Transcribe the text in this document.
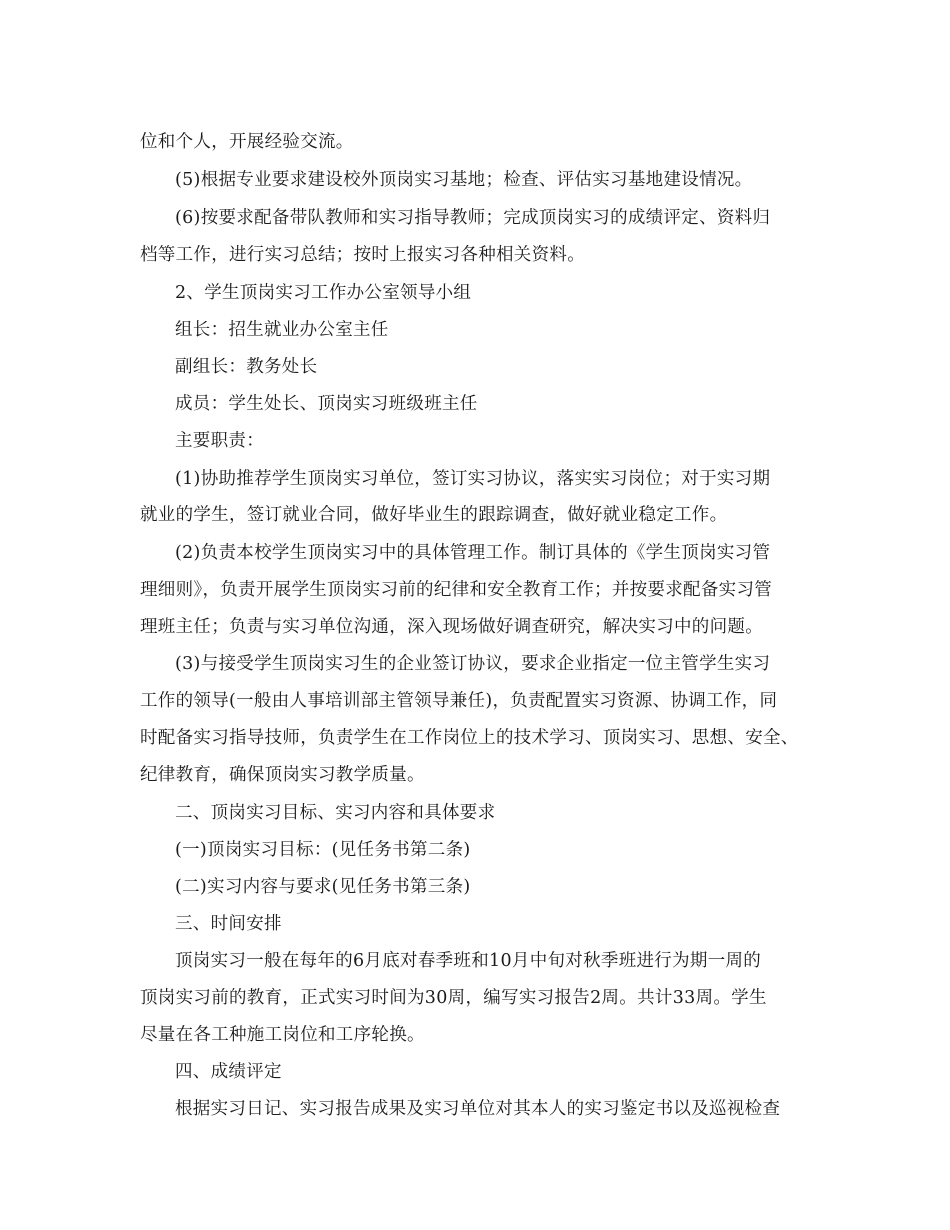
位和个人，开展经验交流。
(5)根据专业要求建设校外顶岗实习基地；检查、评估实习基地建设情况。
(6)按要求配备带队教师和实习指导教师；完成顶岗实习的成绩评定、资料归
档等工作，进行实习总结；按时上报实习各种相关资料。
2、学生顶岗实习工作办公室领导小组
组长：招生就业办公室主任
副组长：教务处长
成员：学生处长、顶岗实习班级班主任
主要职责：
(1)协助推荐学生顶岗实习单位，签订实习协议，落实实习岗位；对于实习期
就业的学生，签订就业合同，做好毕业生的跟踪调查，做好就业稳定工作。
(2)负责本校学生顶岗实习中的具体管理工作。制订具体的《学生顶岗实习管
理细则》，负责开展学生顶岗实习前的纪律和安全教育工作；并按要求配备实习管
理班主任；负责与实习单位沟通，深入现场做好调查研究，解决实习中的问题。
(3)与接受学生顶岗实习生的企业签订协议，要求企业指定一位主管学生实习
工作的领导(一般由人事培训部主管领导兼任)，负责配置实习资源、协调工作，同
时配备实习指导技师，负责学生在工作岗位上的技术学习、顶岗实习、思想、安全、
纪律教育，确保顶岗实习教学质量。
二、顶岗实习目标、实习内容和具体要求
(一)顶岗实习目标：(见任务书第二条)
(二)实习内容与要求(见任务书第三条)
三、时间安排
顶岗实习一般在每年的6月底对春季班和10月中旬对秋季班进行为期一周的
顶岗实习前的教育，正式实习时间为30周，编写实习报告2周。共计33周。学生
尽量在各工种施工岗位和工序轮换。
四、成绩评定
根据实习日记、实习报告成果及实习单位对其本人的实习鉴定书以及巡视检查
